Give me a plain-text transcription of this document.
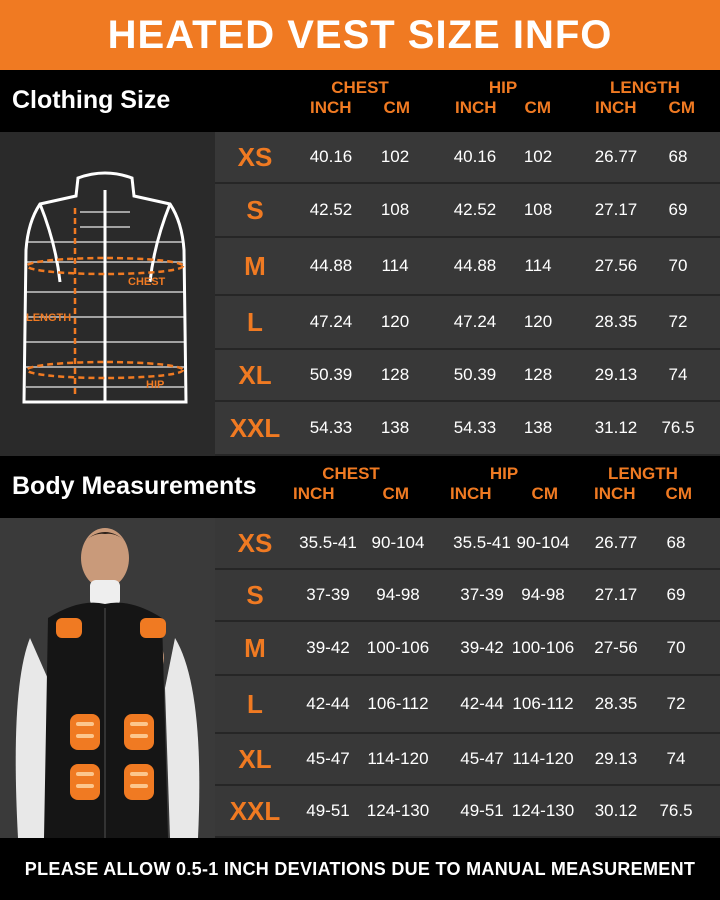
HEATED VEST SIZE INFO
Clothing Size	CHEST
INCH CM
HIP
INCH CM
LENGTH
INCH CM
CHEST
LENGTH
HIP
XS	40.16	102	40.16	102	26.77	68
S	42.52	108	42.52	108	27.17	69
M	44.88	114	44.88	114	27.56	70
L	47.24	120	47.24	120	28.35	72
XL	50.39	128	50.39	128	29.13	74
XXL	54.33	138	54.33	138	31.12	76.5
Body Measurements	CHEST
INCH	CM
HIP
INCH CM
LENGTH
INCH CM
XS	35.5-41 90-104	35.5-41 90-104	26.77	68
S	37-39	94-98	37-39	94-98	27.17	69
M	39-42	100-106	39-42 100-106	27-56	70
L	42-44	106-112	42-44 106-112	28.35	72
XL	45-47	114-120	45-47 114-120	29.13	74
XXL	49-51	124-130	49-51 124-130	30.12	76.5
PLEASE ALLOW 0.5-1 INCH DEVIATIONS DUE TO MANUAL MEASUREMENT
